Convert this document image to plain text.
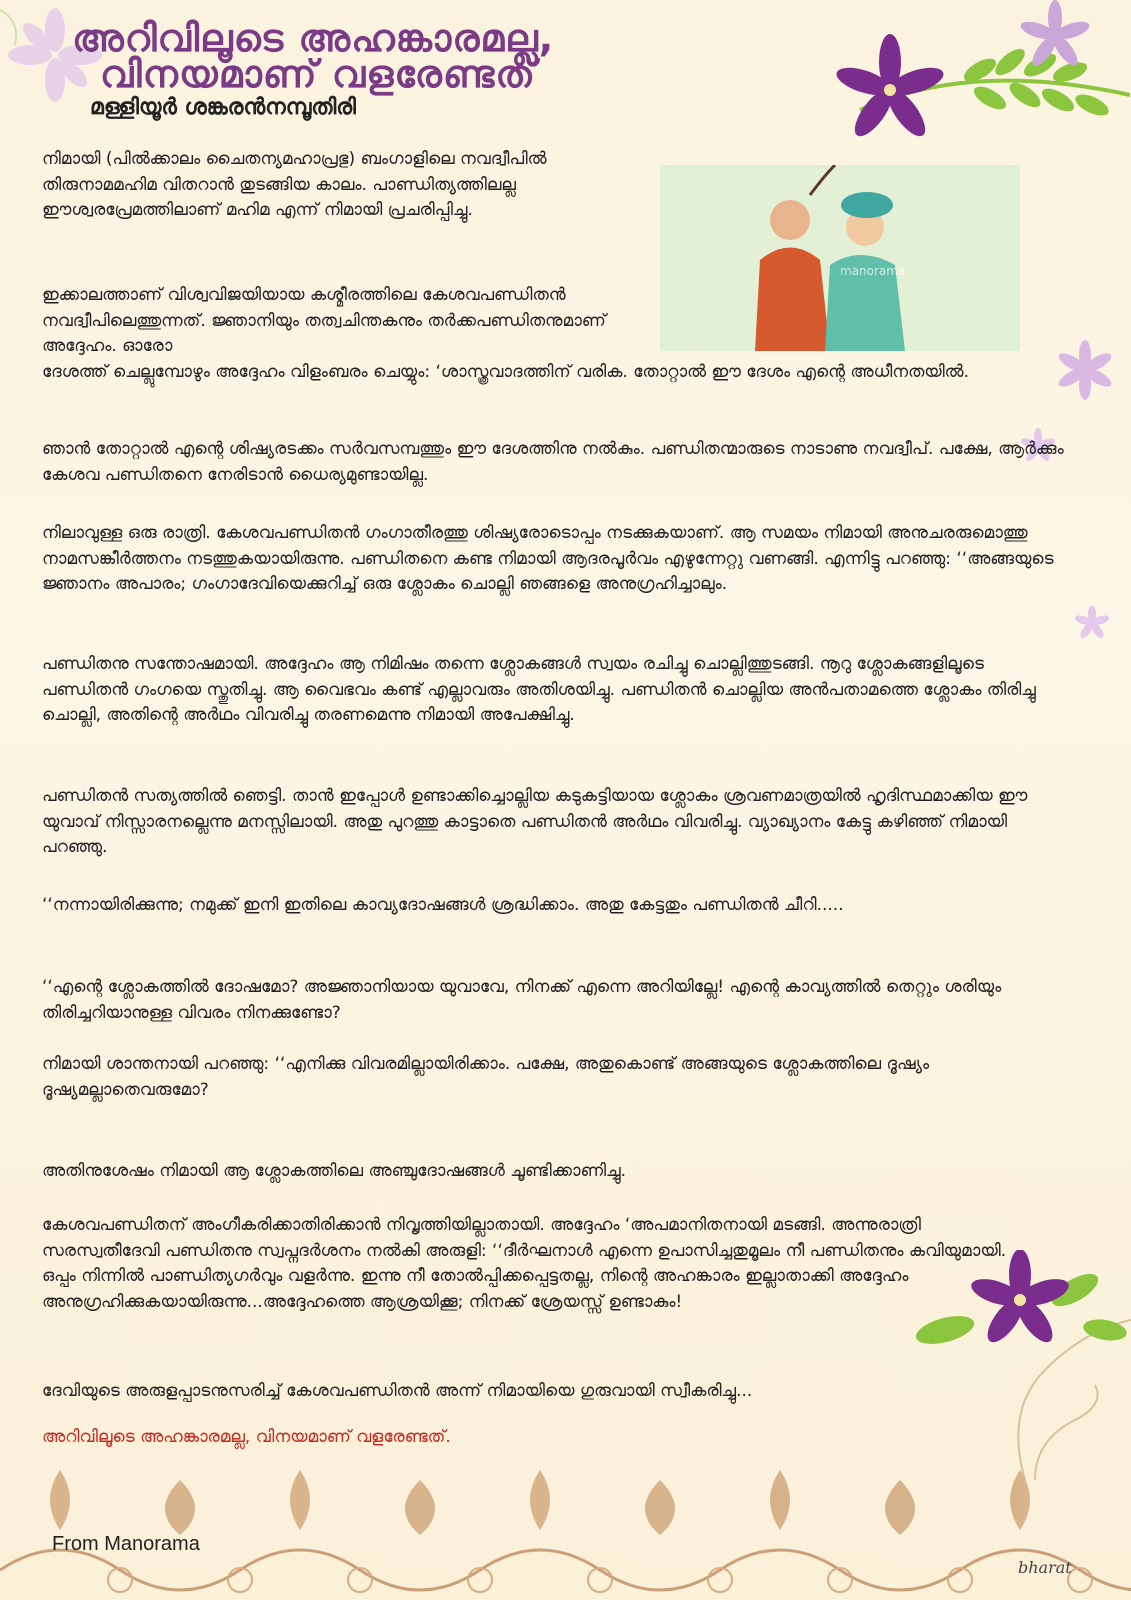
അറിവിലൂടെ അഹങ്കാരമല്ല,
വിനയമാണ് വളരേണ്ടത്
മള്ളിയൂർ ശങ്കരൻനമ്പൂതിരി
manorama

നിമായി (പിൽക്കാലം ചൈതന്യമഹാപ്രഭു) ബംഗാളിലെ നവദ്വീപിൽ തിരുനാമമഹിമ വിതറാൻ തുടങ്ങിയ കാലം. പാണ്ഡിത്യത്തിലല്ല ഈശ്വരപ്രേമത്തിലാണ് മഹിമ എന്ന് നിമായി പ്രചരിപ്പിച്ചു.

ഇക്കാലത്താണ് വിശ്വവിജയിയായ കശ്മീരത്തിലെ കേശവപണ്ഡിതൻ നവദ്വീപിലെത്തുന്നത്. ജ്ഞാനിയും തത്വചിന്തകനും തർക്കപണ്ഡിതനുമാണ് അദ്ദേഹം. ഓരോ

ദേശത്ത് ചെല്ലുമ്പോഴും അദ്ദേഹം വിളംബരം ചെയ്യും: ‘ശാസ്ത്രവാദത്തിന് വരിക. തോറ്റാൽ ഈ ദേശം എന്റെ അധീനതയിൽ.

ഞാൻ തോറ്റാൽ എന്റെ ശിഷ്യരടക്കം സർവസമ്പത്തും ഈ ദേശത്തിനു നൽകും. പണ്ഡിതന്മാരുടെ നാടാണു നവദ്വീപ്. പക്ഷേ, ആർക്കും കേശവ പണ്ഡിതനെ നേരിടാൻ ധൈര്യമുണ്ടായില്ല.

നിലാവുള്ള ഒരു രാത്രി. കേശവപണ്ഡിതൻ ഗംഗാതീരത്തു ശിഷ്യരോടൊപ്പം നടക്കുകയാണ്. ആ സമയം നിമായി അനുചരരുമൊത്തു നാമസങ്കീർത്തനം നടത്തുകയായിരുന്നു. പണ്ഡിതനെ കണ്ട നിമായി ആദരപൂർവം എഴുന്നേറ്റു വണങ്ങി. എന്നിട്ടു പറഞ്ഞു: ‘‘അങ്ങയുടെ ജ്ഞാനം അപാരം; ഗംഗാദേവിയെക്കുറിച്ച് ഒരു ശ്ലോകം ചൊല്ലി ഞങ്ങളെ അനുഗ്രഹിച്ചാലും.

പണ്ഡിതനു സന്തോഷമായി. അദ്ദേഹം ആ നിമിഷം തന്നെ ശ്ലോകങ്ങൾ സ്വയം രചിച്ചു ചൊല്ലിത്തുടങ്ങി. നൂറു ശ്ലോകങ്ങളിലൂടെ പണ്ഡിതൻ ഗംഗയെ സ്തുതിച്ചു. ആ വൈഭവം കണ്ട് എല്ലാവരും അതിശയിച്ചു. പണ്ഡിതൻ ചൊല്ലിയ അൻപതാമത്തെ ശ്ലോകം തിരിച്ചു ചൊല്ലി, അതിന്റെ അർഥം വിവരിച്ചു തരണമെന്നു നിമായി അപേക്ഷിച്ചു.

പണ്ഡിതൻ സത്യത്തിൽ ഞെട്ടി. താൻ ഇപ്പോൾ ഉണ്ടാക്കിച്ചൊല്ലിയ കടുകട്ടിയായ ശ്ലോകം ശ്രവണമാത്രയിൽ ഹൃദിസ്ഥമാക്കിയ ഈ യുവാവ് നിസ്സാരനല്ലെന്നു മനസ്സിലായി. അതു പുറത്തു കാട്ടാതെ പണ്ഡിതൻ അർഥം വിവരിച്ചു. വ്യാഖ്യാനം കേട്ടു കഴിഞ്ഞ് നിമായി പറഞ്ഞു.

‘‘നന്നായിരിക്കുന്നു; നമുക്ക് ഇനി ഇതിലെ കാവ്യദോഷങ്ങൾ ശ്രദ്ധിക്കാം. അതു കേട്ടതും പണ്ഡിതൻ ചീറി.....

‘‘എന്റെ ശ്ലോകത്തിൽ ദോഷമോ? അജ്ഞാനിയായ യുവാവേ, നിനക്ക് എന്നെ അറിയില്ലേ! എന്റെ കാവ്യത്തിൽ തെറ്റും ശരിയും തിരിച്ചറിയാനുള്ള വിവരം നിനക്കുണ്ടോ?

നിമായി ശാന്തനായി പറഞ്ഞു: ‘‘എനിക്കു വിവരമില്ലായിരിക്കാം. പക്ഷേ, അതുകൊണ്ട് അങ്ങയുടെ ശ്ലോകത്തിലെ ദൂഷ്യം ദൂഷ്യമല്ലാതെവരുമോ?

അതിനുശേഷം നിമായി ആ ശ്ലോകത്തിലെ അഞ്ചുദോഷങ്ങൾ ചൂണ്ടിക്കാണിച്ചു.

കേശവപണ്ഡിതന് അംഗീകരിക്കാതിരിക്കാൻ നിവൃത്തിയില്ലാതായി. അദ്ദേഹം ‘അപമാനിതനായി മടങ്ങി. അന്നുരാത്രി സരസ്വതീദേവി പണ്ഡിതനു സ്വപ്നദർശനം നൽകി അരുളി: ‘‘ദീർഘനാൾ എന്നെ ഉപാസിച്ചതുമൂലം നീ പണ്ഡിതനും കവിയുമായി. ഒപ്പം നിന്നിൽ പാണ്ഡിത്യഗർവും വളർന്നു. ഇന്നു നീ തോൽപ്പിക്കപ്പെട്ടതല്ല, നിന്റെ അഹങ്കാരം ഇല്ലാതാക്കി അദ്ദേഹം അനുഗ്രഹിക്കുകയായിരുന്നു...അദ്ദേഹത്തെ ആശ്രയിക്കൂ; നിനക്ക് ശ്രേയസ്സ് ഉണ്ടാകും!

ദേവിയുടെ അരുളപ്പാടനുസരിച്ച് കേശവപണ്ഡിതൻ അന്ന് നിമായിയെ ഗുരുവായി സ്വീകരിച്ചു...

അറിവിലൂടെ അഹങ്കാരമല്ല, വിനയമാണ് വളരേണ്ടത്.

From Manorama
bharat
